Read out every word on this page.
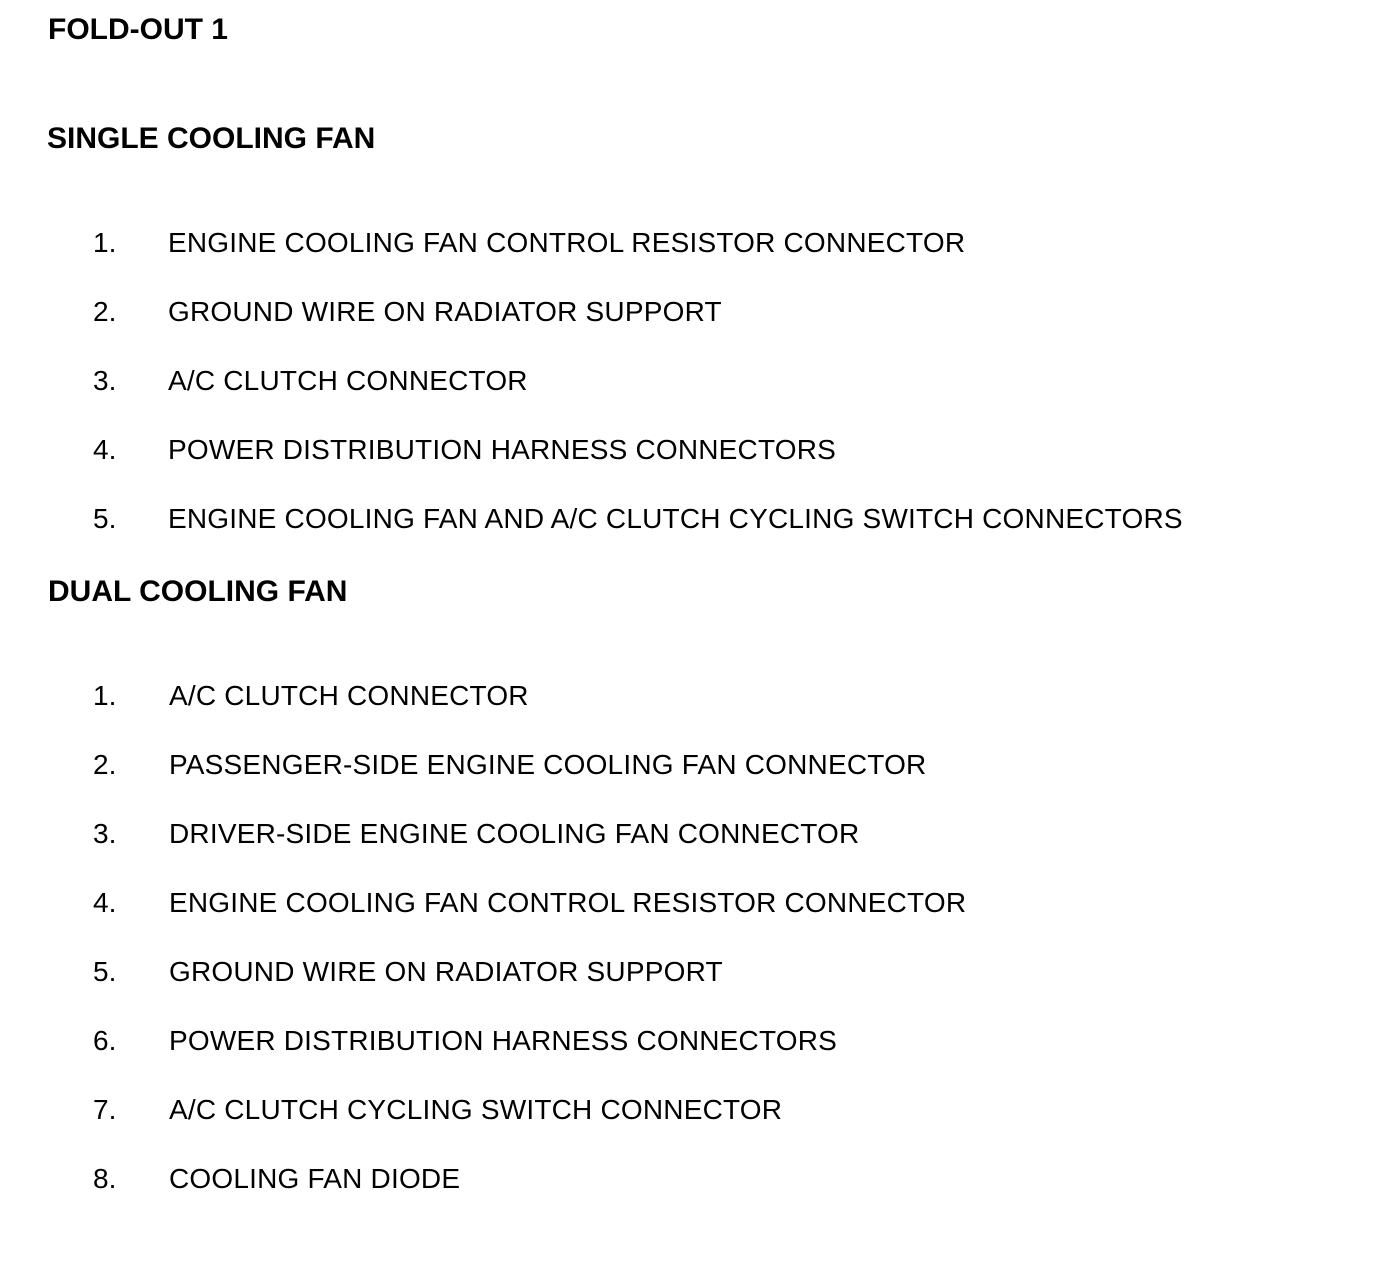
FOLD-OUT 1
SINGLE COOLING FAN
1. ENGINE COOLING FAN CONTROL RESISTOR CONNECTOR
2. GROUND WIRE ON RADIATOR SUPPORT
3. A/C CLUTCH CONNECTOR
4. POWER DISTRIBUTION HARNESS CONNECTORS
5. ENGINE COOLING FAN AND A/C CLUTCH CYCLING SWITCH CONNECTORS
DUAL COOLING FAN
1. A/C CLUTCH CONNECTOR
2. PASSENGER-SIDE ENGINE COOLING FAN CONNECTOR
3. DRIVER-SIDE ENGINE COOLING FAN CONNECTOR
4. ENGINE COOLING FAN CONTROL RESISTOR CONNECTOR
5. GROUND WIRE ON RADIATOR SUPPORT
6. POWER DISTRIBUTION HARNESS CONNECTORS
7. A/C CLUTCH CYCLING SWITCH CONNECTOR
8. COOLING FAN DIODE
